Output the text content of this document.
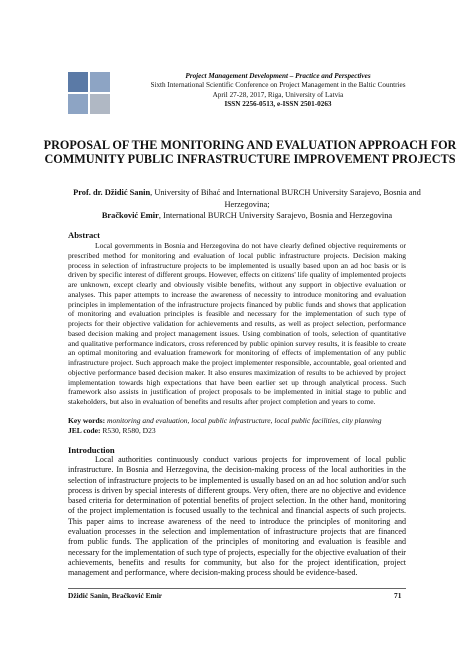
Project Management Development – Practice and Perspectives
Sixth International Scientific Conference on Project Management in the Baltic Countries
April 27-28, 2017, Riga, University of Latvia
ISSN 2256-0513, e-ISSN 2501-0263
PROPOSAL OF THE MONITORING AND EVALUATION APPROACH FOR COMMUNITY PUBLIC INFRASTRUCTURE IMPROVEMENT PROJECTS
Prof. dr. Džidić Sanin, University of Bihać and International BURCH University Sarajevo, Bosnia and Herzegovina;
Bračković Emir, International BURCH University Sarajevo, Bosnia and Herzegovina
Abstract
Local governments in Bosnia and Herzegovina do not have clearly defined objective requirements or prescribed method for monitoring and evaluation of local public infrastructure projects. Decision making process in selection of infrastructure projects to be implemented is usually based upon an ad hoc basis or is driven by specific interest of different groups. However, effects on citizens' life quality of implemented projects are unknown, except clearly and obviously visible benefits, without any support in objective evaluation or analyses. This paper attempts to increase the awareness of necessity to introduce monitoring and evaluation principles in implementation of the infrastructure projects financed by public funds and shows that application of monitoring and evaluation principles is feasible and necessary for the implementation of such type of projects for their objective validation for achievements and results, as well as project selection, performance based decision making and project management issues. Using combination of tools, selection of quantitative and qualitative performance indicators, cross referenced by public opinion survey results, it is feasible to create an optimal monitoring and evaluation framework for monitoring of effects of implementation of any public infrastructure project. Such approach make the project implementer responsible, accountable, goal oriented and objective performance based decision maker. It also ensures maximization of results to be achieved by project implementation towards high expectations that have been earlier set up through analytical process. Such framework also assists in justification of project proposals to be implemented in initial stage to public and stakeholders, but also in evaluation of benefits and results after project completion and years to come.
Key words: monitoring and evaluation, local public infrastructure, local public facilities, city planning
JEL code: R530, R580, D23
Introduction
Local authorities continuously conduct various projects for improvement of local public infrastructure. In Bosnia and Herzegovina, the decision-making process of the local authorities in the selection of infrastructure projects to be implemented is usually based on an ad hoc solution and/or such process is driven by special interests of different groups. Very often, there are no objective and evidence based criteria for determination of potential benefits of project selection. In the other hand, monitoring of the project implementation is focused usually to the technical and financial aspects of such projects. This paper aims to increase awareness of the need to introduce the principles of monitoring and evaluation processes in the selection and implementation of infrastructure projects that are financed from public funds. The application of the principles of monitoring and evaluation is feasible and necessary for the implementation of such type of projects, especially for the objective evaluation of their achievements, benefits and results for community, but also for the project identification, project management and performance, where decision-making process should be evidence-based.
Džidić Sanin, Bračković Emir	71
